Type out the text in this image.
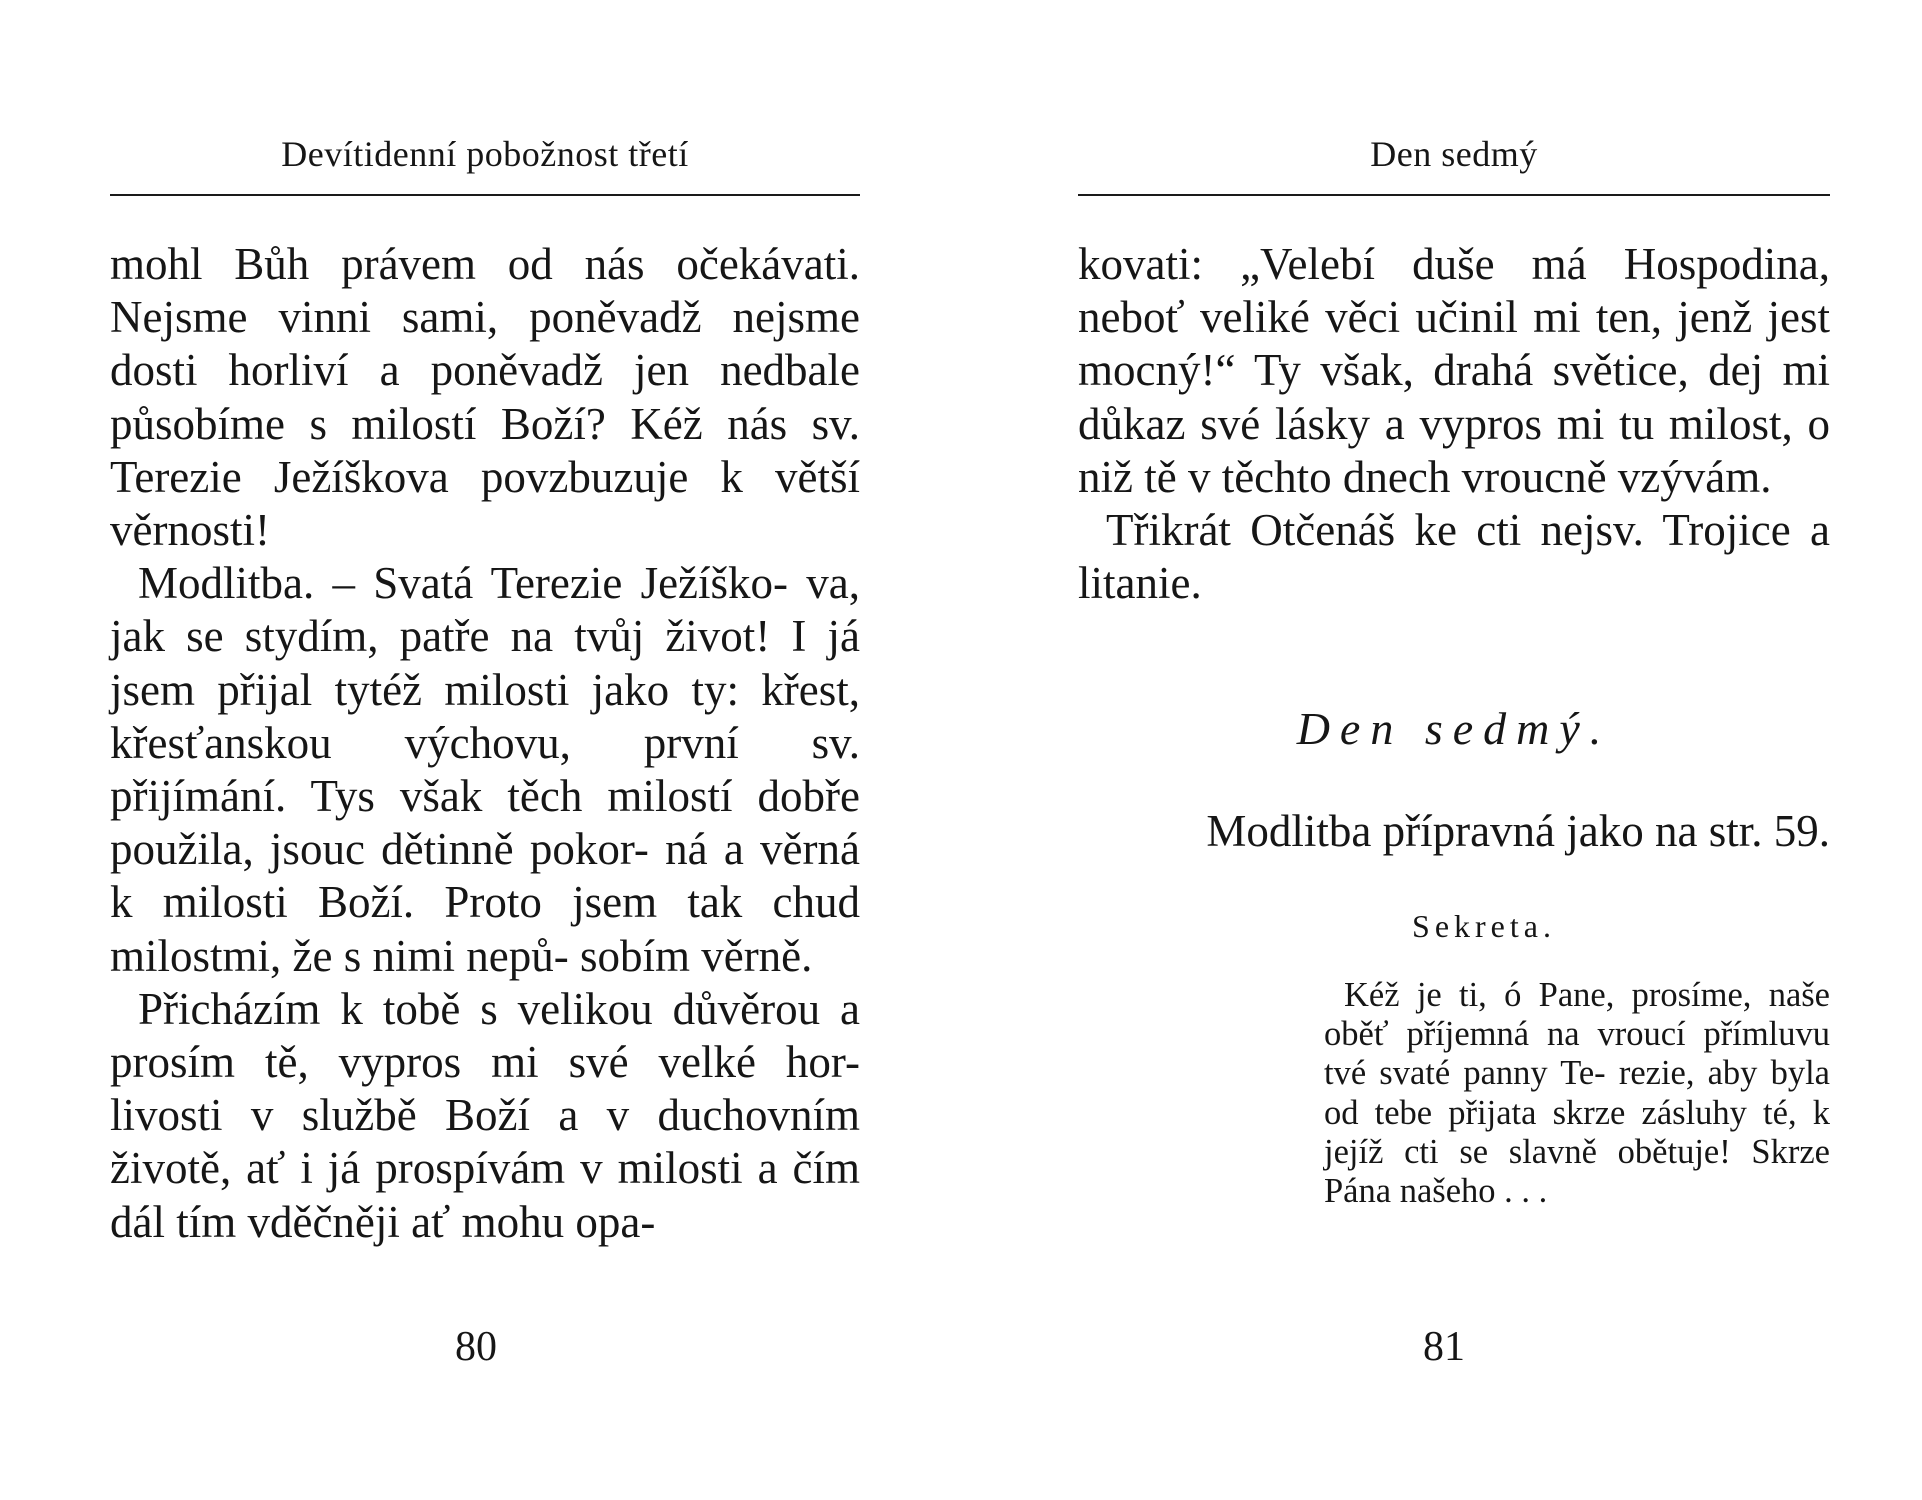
Devítidenní pobožnost třetí

mohl Bůh právem od nás očekávati. Nejsme vinni sami, poněvadž nejsme dosti horliví a poněvadž jen nedbale působíme s milostí Boží? Kéž nás sv. Terezie Ježíškova povzbuzuje k větší věrnosti!

Modlitba. – Svatá Terezie Ježíško- va, jak se stydím, patře na tvůj život! I já jsem přijal tytéž milosti jako ty: křest, křesťanskou výchovu, první sv. přijímání. Tys však těch milostí dobře použila, jsouc dětinně pokor- ná a věrná k milosti Boží. Proto jsem tak chud milostmi, že s nimi nepů- sobím věrně.

Přicházím k tobě s velikou důvěrou a prosím tě, vypros mi své velké hor- livosti v službě Boží a v duchovním životě, ať i já prospívám v milosti a čím dál tím vděčněji ať mohu opa-

80
Den sedmý

kovati: „Velebí duše má Hospodina, neboť veliké věci učinil mi ten, jenž jest mocný!“ Ty však, drahá světice, dej mi důkaz své lásky a vypros mi tu milost, o niž tě v těchto dnech vroucně vzývám.

Třikrát Otčenáš ke cti nejsv. Trojice a litanie.

Den sedmý.
Modlitba přípravná jako na str. 59.
Sekreta.

Kéž je ti, ó Pane, prosíme, naše oběť příjemná na vroucí přímluvu tvé svaté panny Te- rezie, aby byla od tebe přijata skrze zásluhy té, k jejíž cti se slavně obětuje! Skrze Pána našeho . . .

81
